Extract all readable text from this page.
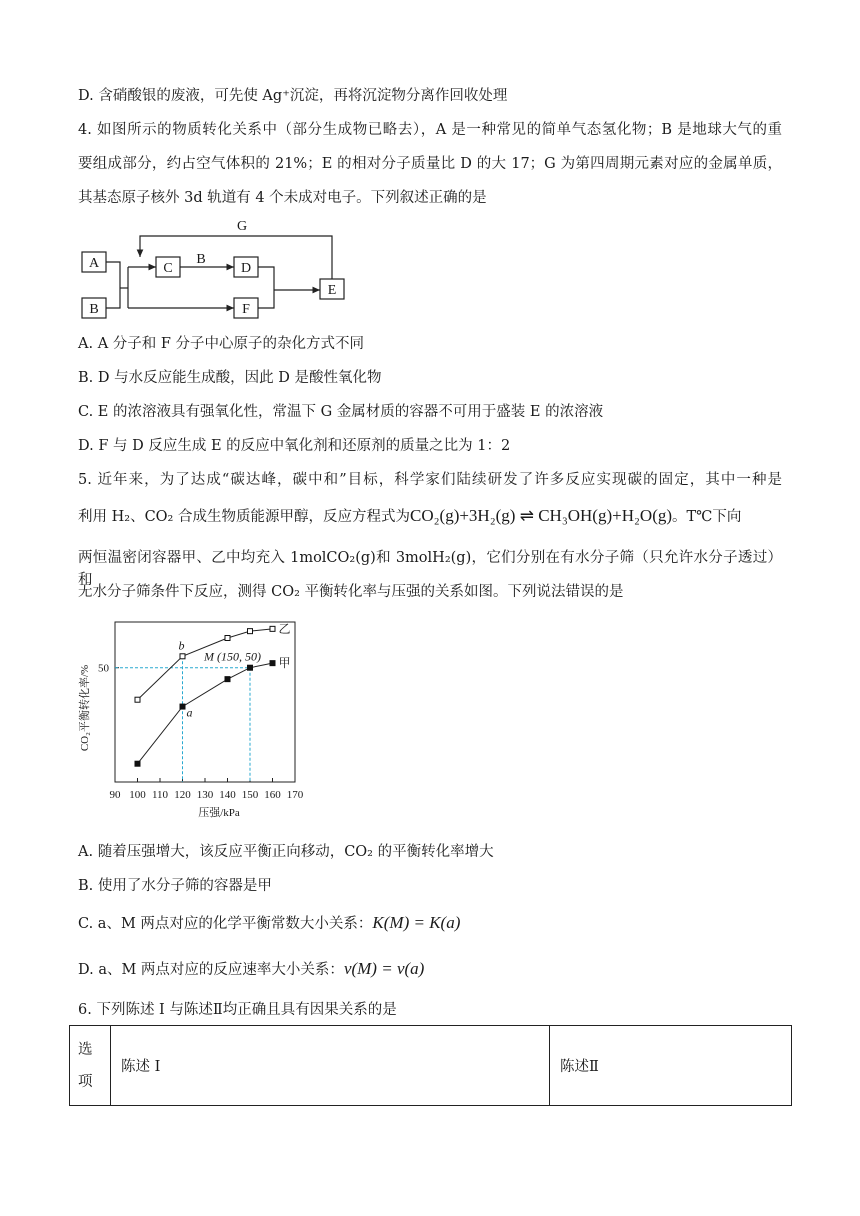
D. 含硝酸银的废液，可先使 Ag⁺沉淀，再将沉淀物分离作回收处理
4. 如图所示的物质转化关系中（部分生成物已略去），A 是一种常见的简单气态氢化物；B 是地球大气的重
要组成部分，约占空气体积的 21%；E 的相对分子质量比 D 的大 17；G 为第四周期元素对应的金属单质，
其基态原子核外 3d 轨道有 4 个未成对电子。下列叙述正确的是
A
B
C	D
E
F
B
G
A. A 分子和 F 分子中心原子的杂化方式不同
B. D 与水反应能生成酸，因此 D 是酸性氧化物
C. E 的浓溶液具有强氧化性，常温下 G 金属材质的容器不可用于盛装 E 的浓溶液
D. F 与 D 反应生成 E 的反应中氧化剂和还原剂的质量之比为 1：2
5. 近年来，为了达成“碳达峰，碳中和”目标，科学家们陆续研发了许多反应实现碳的固定，其中一种是
利用 H₂、CO₂ 合成生物质能源甲醇，反应方程式为CO₂(g)+3H₂(g) ⇌ CH₃OH(g)+H₂O(g)。T℃下向
两恒温密闭容器甲、乙中均充入 1molCO₂(g)和 3molH₂(g)，它们分别在有水分子筛（只允许水分子透过）和
无水分子筛条件下反应，测得 CO₂ 平衡转化率与压强的关系如图。下列说法错误的是
90 100 110 120 130 140 150 160 170
50
压强/kPa
CO₂平衡转化率/%
乙
甲
b
a
M (150, 50)
A. 随着压强增大，该反应平衡正向移动，CO₂ 的平衡转化率增大
B. 使用了水分子筛的容器是甲
C. a、M 两点对应的化学平衡常数大小关系：K(M) = K(a)
D. a、M 两点对应的反应速率大小关系：v(M) = v(a)
6. 下列陈述 I 与陈述Ⅱ均正确且具有因果关系的是
选
项
	陈述 I	陈述Ⅱ
